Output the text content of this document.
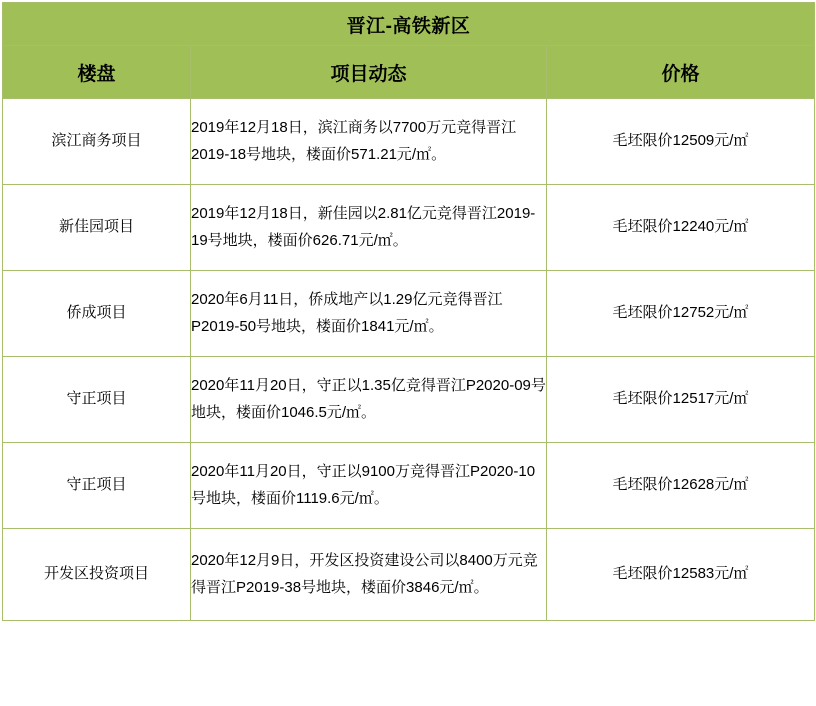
晋江-高铁新区		
楼盘	项目动态	价格
滨江商务项目	2019年12月18日，滨江商务以7700万元竞得晋江2019-18号地块，楼面价571.21元/㎡。	毛坯限价12509元/㎡
新佳园项目	2019年12月18日，新佳园以2.81亿元竞得晋江2019-19号地块，楼面价626.71元/㎡。	毛坯限价12240元/㎡
侨成项目	2020年6月11日，侨成地产以1.29亿元竞得晋江P2019-50号地块，楼面价1841元/㎡。	毛坯限价12752元/㎡
守正项目	2020年11月20日，守正以1.35亿竞得晋江P2020-09号地块，楼面价1046.5元/㎡。	毛坯限价12517元/㎡
守正项目	2020年11月20日，守正以9100万竞得晋江P2020-10号地块，楼面价1119.6元/㎡。	毛坯限价12628元/㎡
开发区投资项目	2020年12月9日，开发区投资建设公司以8400万元竞得晋江P2019-38号地块，楼面价3846元/㎡。	毛坯限价12583元/㎡
